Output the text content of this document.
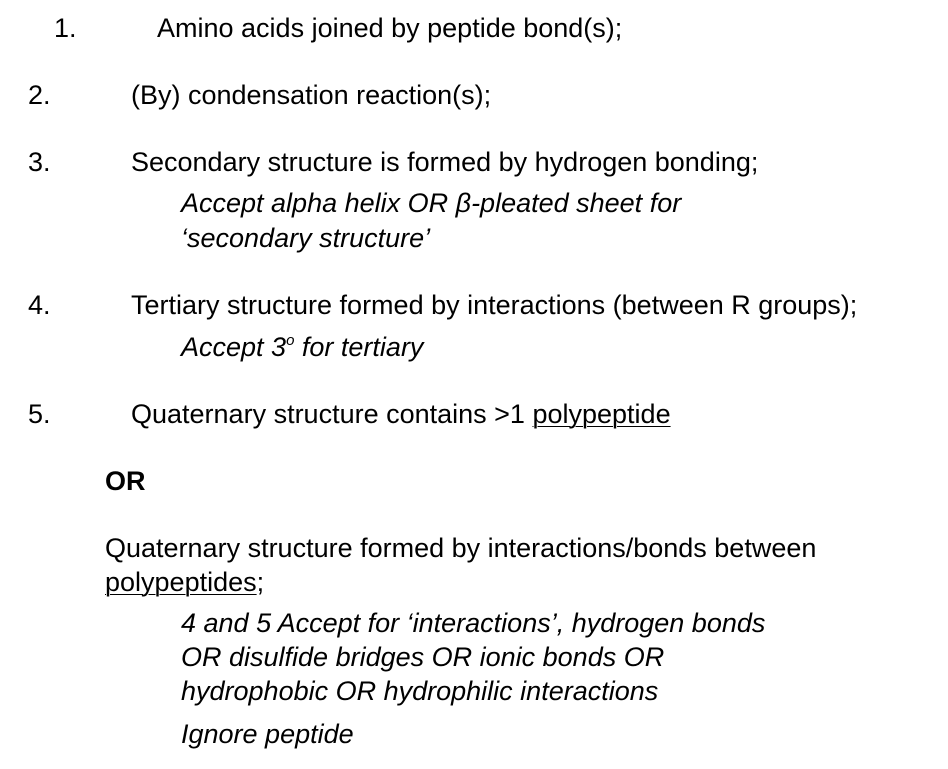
1.	Amino acids joined by peptide bond(s);
2.	(By) condensation reaction(s);
3.	Secondary structure is formed by hydrogen bonding;
Accept alpha helix OR β-pleated sheet for
‘secondary structure’
4.	Tertiary structure formed by interactions (between R groups);
Accept 3$^o$ for tertiary
5.	Quaternary structure contains >1 polypeptide
OR
Quaternary structure formed by interactions/bonds between
polypeptides;
4 and 5 Accept for ‘interactions’, hydrogen bonds
OR disulfide bridges OR ionic bonds OR
hydrophobic OR hydrophilic interactions
Ignore peptide
